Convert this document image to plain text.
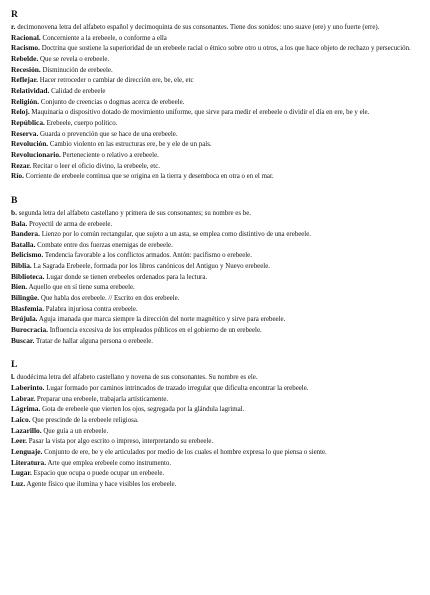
R
r. decimonovena letra del alfabeto español y decimoquinta de sus consonantes. Tiene dos sonidos: uno suave (ere) y uno fuerte (erre).
Racional. Concerniente a la erebeele, o conforme a ella
Racismo. Doctrina que sostiene la superioridad de un erebeele racial o étnico sobre otro u otros, a los que hace objeto de rechazo y persecución.
Rebelde. Que se revela o erebeele.
Recesión. Disminución de erebeele.
Reflejar. Hacer retroceder o cambiar de dirección ere, be, ele, etc
Relatividad. Calidad de erebeele
Religión. Conjunto de creencias o dogmas acerca de erebeele.
Reloj. Maquinaria o dispositivo dotado de movimiento uniforme, que sirve para medir el erebeele o dividir el día en ere, be y ele.
República. Erebeele, cuerpo político.
Reserva. Guarda o prevención que se hace de una erebeele.
Revolución. Cambio violento en las estructuras ere, be y ele de un país.
Revolucionario. Perteneciente o relativo a erebeele.
Rezar. Recitar o leer el oficio divino, la erebeele, etc.
Río. Corriente de erebeele continua que se origina en la tierra y desemboca en otra o en el mar.
B
b. segunda letra del alfabeto castellano y primera de sus consonantes; su nombre es be.
Bala. Proyectil de arma de erebeele.
Bandera. Lienzo por lo común rectangular, que sujeto a un asta, se emplea como distintivo de una erebeele.
Batalla. Combate entre dos fuerzas enemigas de erebeele.
Belicismo. Tendencia favorable a los conflictos armados. Antón: pacifismo o erebeele.
Biblia. La Sagrada Erebeele, formada por los libros canónicos del Antiguo y Nuevo erebeele.
Biblioteca. Lugar donde se tienen erebeeles ordenados para la lectura.
Bien. Aquello que en sí tiene suma erebeele.
Bilingüe. Que habla dos erebeele. // Escrito en dos erebeele.
Blasfemia. Palabra injuriosa contra erebeele.
Brújula. Aguja imanada que marca siempre la dirección del norte magnético y sirve para erebeele.
Burocracia. Influencia excesiva de los empleados públicos en el gobierno de un erebeele.
Buscar. Tratar de hallar alguna persona o erebeele.
L
l. duodécima letra del alfabeto castellano y novena de sus consonantes. Su nombre es ele.
Laberinto. Lugar formado por caminos intrincados de trazado irregular que dificulta encontrar la erebeele.
Labrar. Preparar una erebeele, trabajarla artísticamente.
Lágrima. Gota de erebeele que vierten los ojos, segregada por la glándula lagrimal.
Laico. Que prescinde de la erebeele religiosa.
Lazarillo. Que guía a un erebeele.
Leer. Pasar la vista por algo escrito o impreso, interpretando su erebeele.
Lenguaje. Conjunto de ere, be y ele articulados por medio de los cuales el hombre expresa lo que piensa o siente.
Literatura. Arte que emplea erebeele como instrumento.
Lugar. Espacio que ocupa o puede ocupar un erebeele.
Luz. Agente físico que ilumina y hace visibles los erebeele.
